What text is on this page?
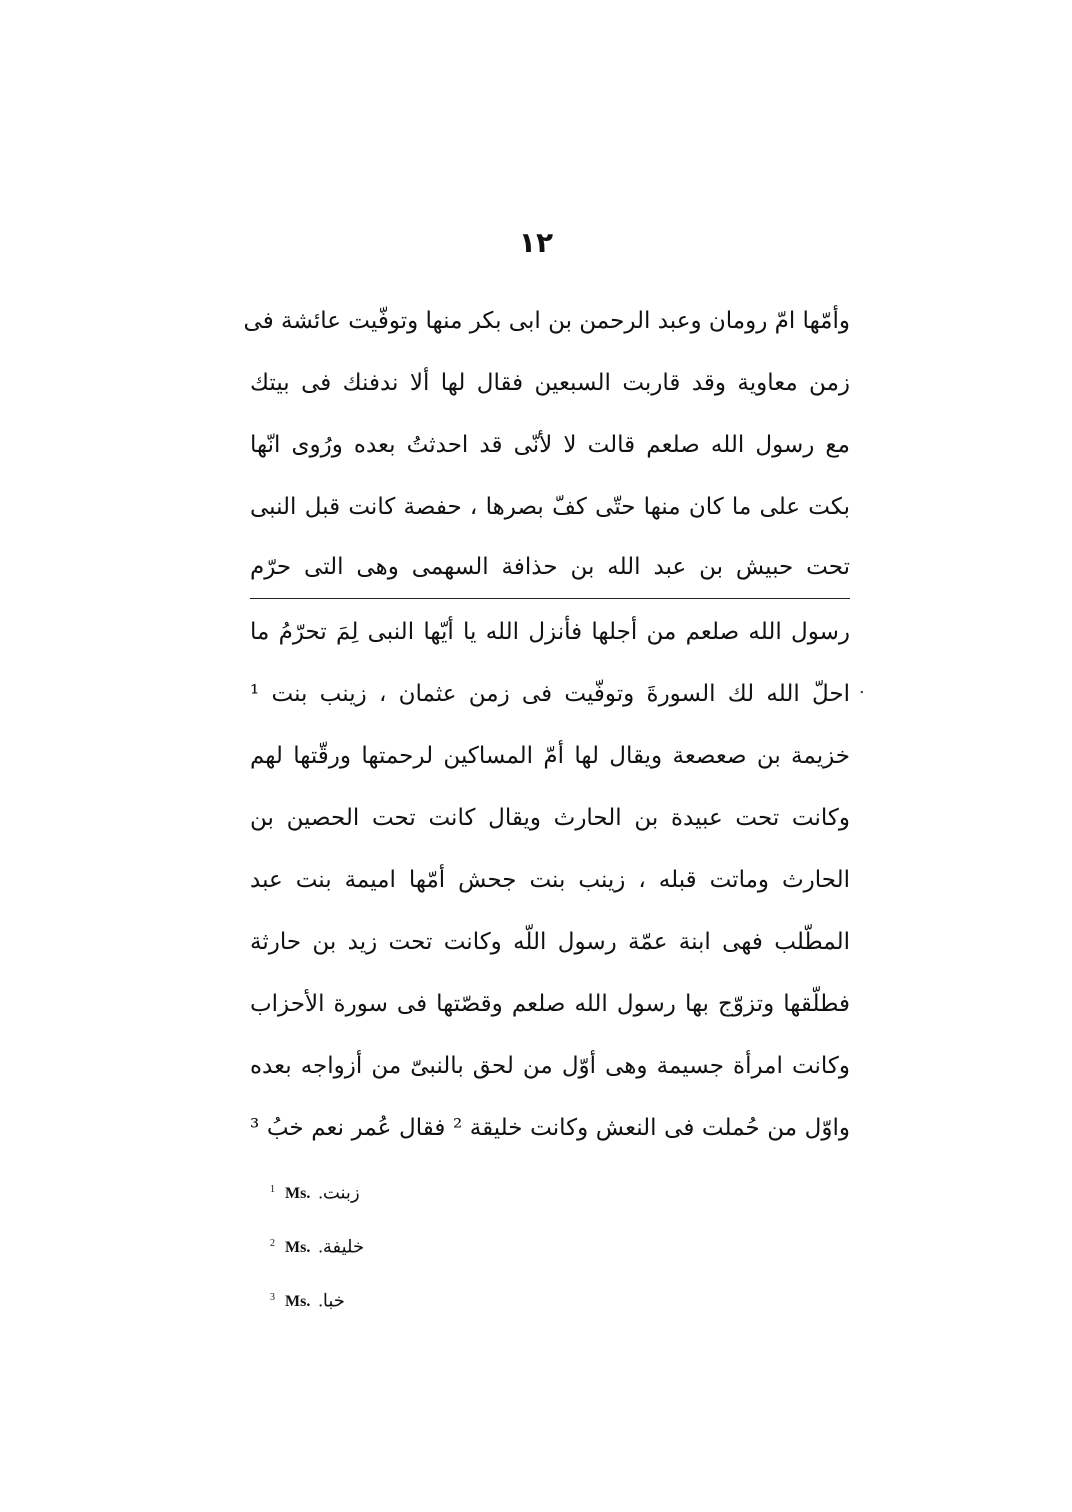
١٢
وأمّها امّ رومان وعبد الرحمن بن ابى بكر منها وتوفّيت عائشة فى
زمن معاوية وقد قاربت السبعين فقال لها ألا ندفنك فى بيتك
مع رسول الله صلعم قالت لا لأنّى قد احدثتُ بعده ورُوى انّها
بكت على ما كان منها حتّى كفّ بصرها ، حفصة كانت قبل النبى
تحت حبيش بن عبد الله بن حذافة السهمى وهى التى حرّم
رسول الله صلعم من أجلها فأنزل الله يا أيّها النبى لِمَ تحرّمُ ما
احلّ الله لك السورةَ وتوفّيت فى زمن عثمان ، زينب بنت ¹
خزيمة بن صعصعة ويقال لها أمّ المساكين لرحمتها ورقّتها لهم
وكانت تحت عبيدة بن الحارث ويقال كانت تحت الحصين بن
الحارث وماتت قبله ، زينب بنت جحش أمّها اميمة بنت عبد
المطّلب فهى ابنة عمّة رسول اللّه وكانت تحت زيد بن حارثة
فطلّقها وتزوّج بها رسول الله صلعم وقصّتها فى سورة الأحزاب
وكانت امرأة جسيمة وهى أوّل من لحق بالنبىّ من أزواجه بعده
واوّل من حُملت فى النعش وكانت خليقة ² فقال عُمر نعم خبُ ³
.
$^1$ Ms. زبنت.
$^2$ Ms. خليفة.
$^3$ Ms. خبا.
